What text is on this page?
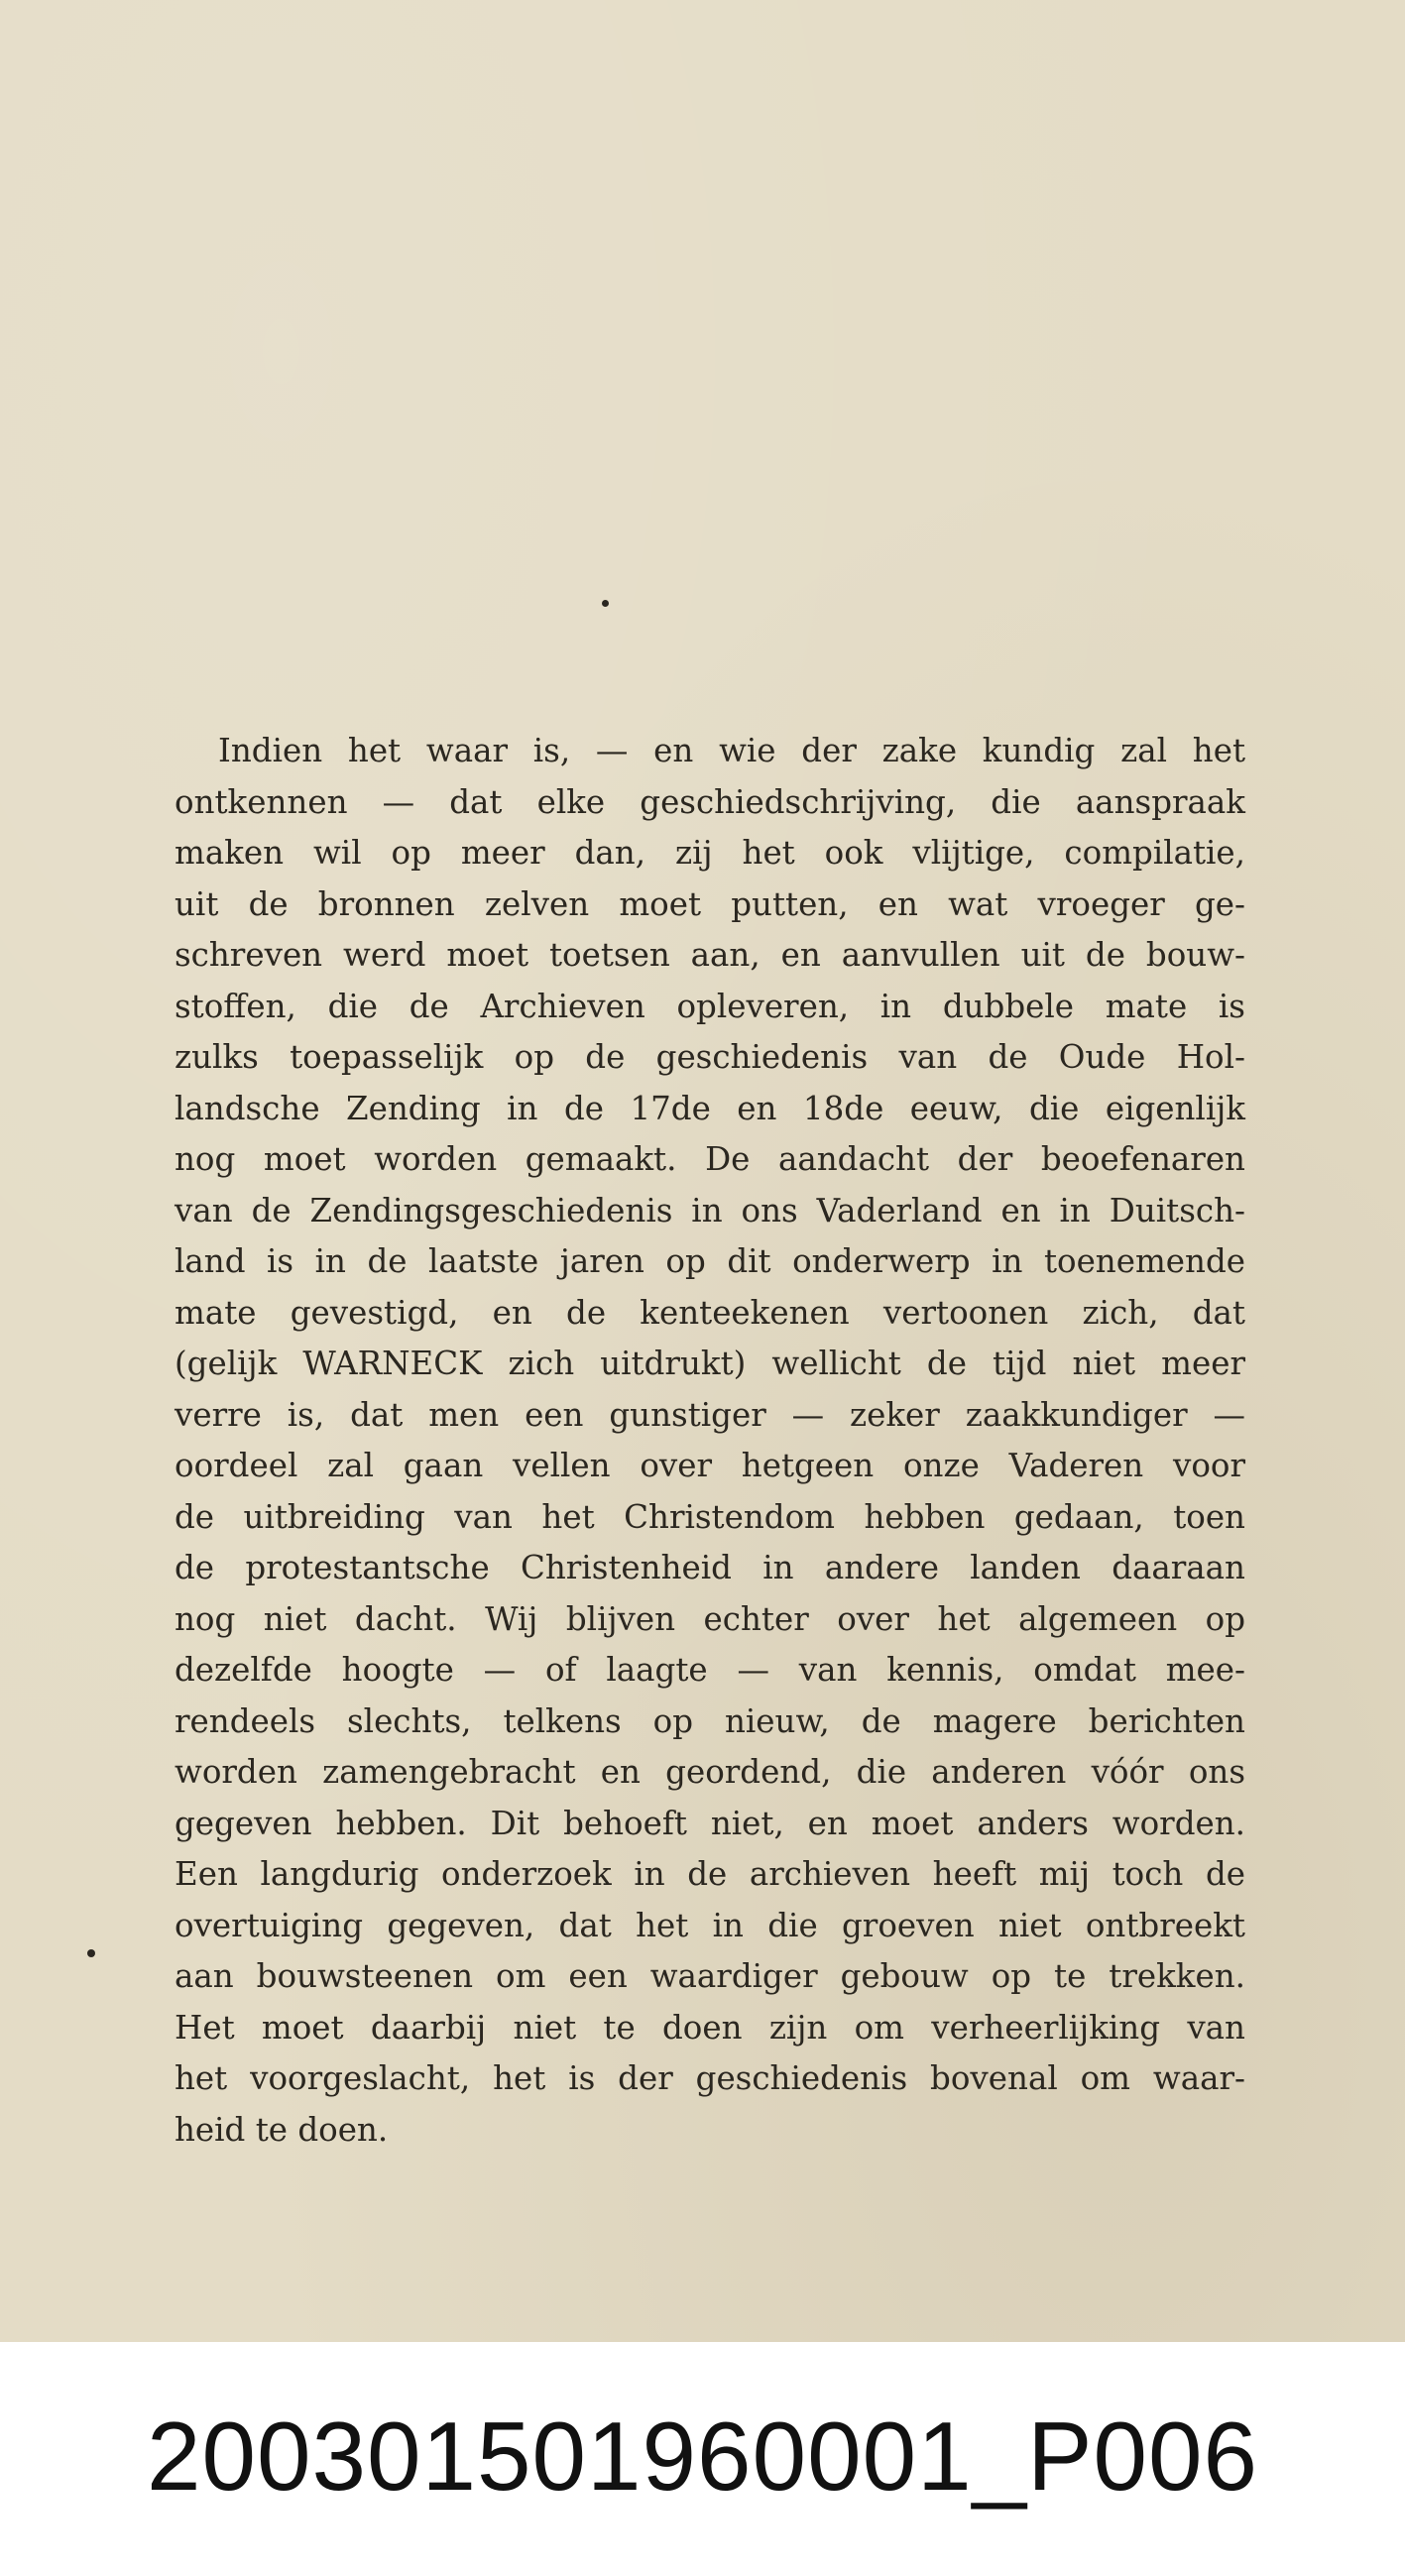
Indien het waar is, — en wie der zake kundig zal het
ontkennen — dat elke geschiedschrijving, die aanspraak
maken wil op meer dan, zij het ook vlijtige, compilatie,
uit de bronnen zelven moet putten, en wat vroeger ge-
schreven werd moet toetsen aan, en aanvullen uit de bouw-
stoffen, die de Archieven opleveren, in dubbele mate is
zulks toepasselijk op de geschiedenis van de Oude Hol-
landsche Zending in de 17de en 18de eeuw, die eigenlijk
nog moet worden gemaakt. De aandacht der beoefenaren
van de Zendingsgeschiedenis in ons Vaderland en in Duitsch-
land is in de laatste jaren op dit onderwerp in toenemende
mate gevestigd, en de kenteekenen vertoonen zich, dat
(gelijk WARNECK zich uitdrukt) wellicht de tijd niet meer
verre is, dat men een gunstiger — zeker zaakkundiger —
oordeel zal gaan vellen over hetgeen onze Vaderen voor
de uitbreiding van het Christendom hebben gedaan, toen
de protestantsche Christenheid in andere landen daaraan
nog niet dacht. Wij blijven echter over het algemeen op
dezelfde hoogte — of laagte — van kennis, omdat mee-
rendeels slechts, telkens op nieuw, de magere berichten
worden zamengebracht en geordend, die anderen vóór ons
gegeven hebben. Dit behoeft niet, en moet anders worden.
Een langdurig onderzoek in de archieven heeft mij toch de
overtuiging gegeven, dat het in die groeven niet ontbreekt
aan bouwsteenen om een waardiger gebouw op te trekken.
Het moet daarbij niet te doen zijn om verheerlijking van
het voorgeslacht, het is der geschiedenis bovenal om waar-
heid te doen.
200301501960001_P006
